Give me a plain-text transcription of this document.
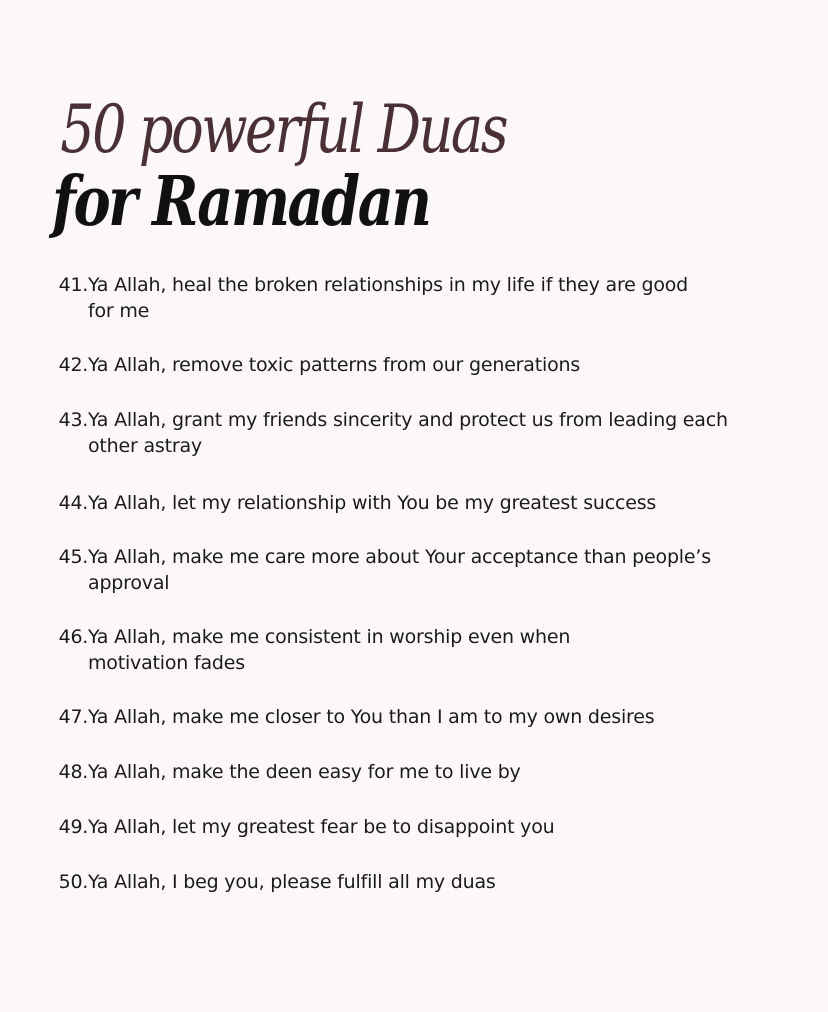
50 powerful Duas
for Ramadan
41. Ya Allah, heal the broken relationships in my life if they are good for me
42. Ya Allah, remove toxic patterns from our generations
43. Ya Allah, grant my friends sincerity and protect us from leading each other astray
44. Ya Allah, let my relationship with You be my greatest success
45. Ya Allah, make me care more about Your acceptance than people’s approval
46. Ya Allah, make me consistent in worship even when motivation fades
47. Ya Allah, make me closer to You than I am to my own desires
48. Ya Allah, make the deen easy for me to live by
49. Ya Allah, let my greatest fear be to disappoint you
50. Ya Allah, I beg you, please fulfill all my duas
